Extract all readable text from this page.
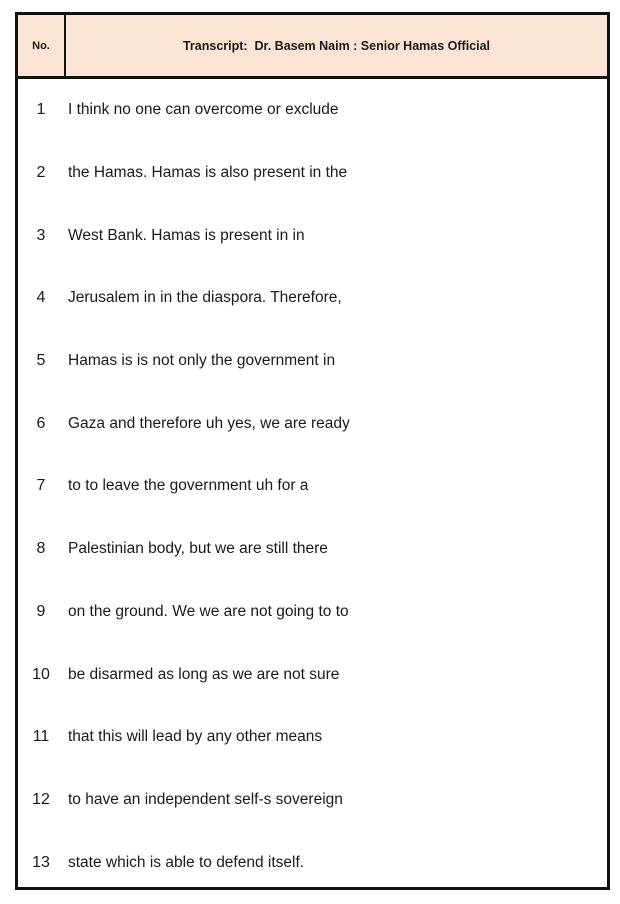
No.	Transcript:  Dr. Basem Naim : Senior Hamas Official
1	I think no one can overcome or exclude
2	the Hamas. Hamas is also present in the
3	West Bank. Hamas is present in in
4	Jerusalem in in the diaspora. Therefore,
5	Hamas is is not only the government in
6	Gaza and therefore uh yes, we are ready
7	to to leave the government uh for a
8	Palestinian body, but we are still there
9	on the ground. We we are not going to to
10	be disarmed as long as we are not sure
11	that this will lead by any other means
12	to have an independent self-s sovereign
13	state which is able to defend itself.
